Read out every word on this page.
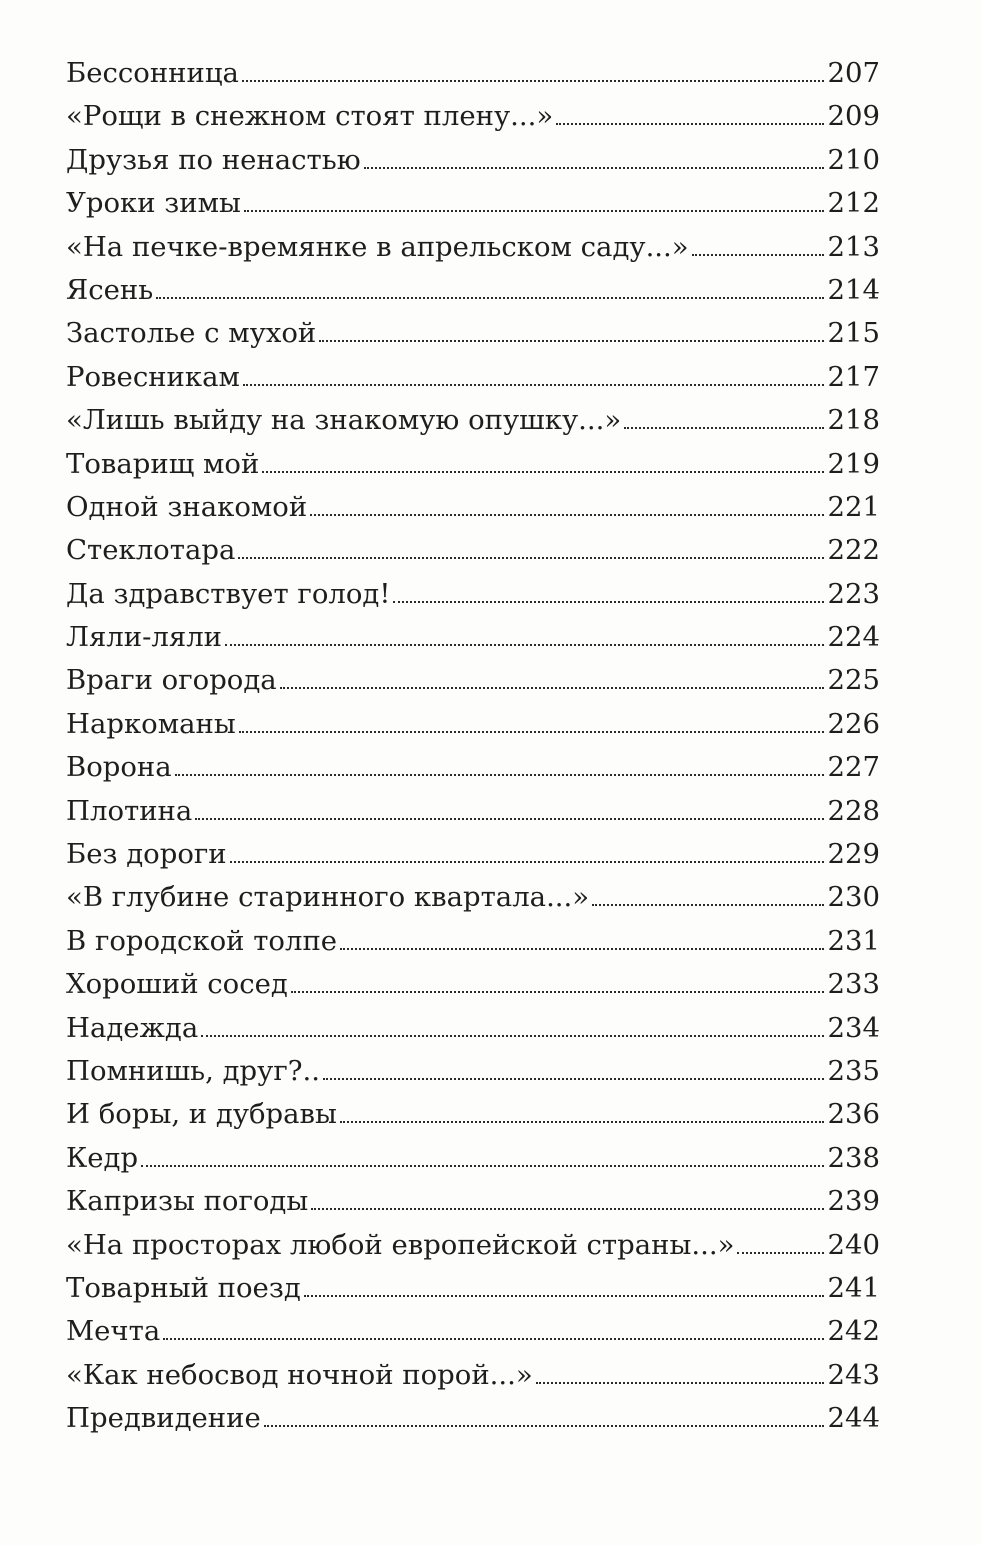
Бессонница	207
«Рощи в снежном стоят плену...»	209
Друзья по ненастью	210
Уроки зимы	212
«На печке-времянке в апрельском саду...»	213
Ясень	214
Застолье с мухой	215
Ровесникам	217
«Лишь выйду на знакомую опушку...»	218
Товарищ мой	219
Одной знакомой	221
Стеклотара	222
Да здравствует голод!	223
Ляли-ляли	224
Враги огорода	225
Наркоманы	226
Ворона	227
Плотина	228
Без дороги	229
«В глубине старинного квартала...»	230
В городской толпе	231
Хороший сосед	233
Надежда	234
Помнишь, друг?..	235
И боры, и дубравы	236
Кедр	238
Капризы погоды	239
«На просторах любой европейской страны...»	240
Товарный поезд	241
Мечта	242
«Как небосвод ночной порой...»	243
Предвидение	244
